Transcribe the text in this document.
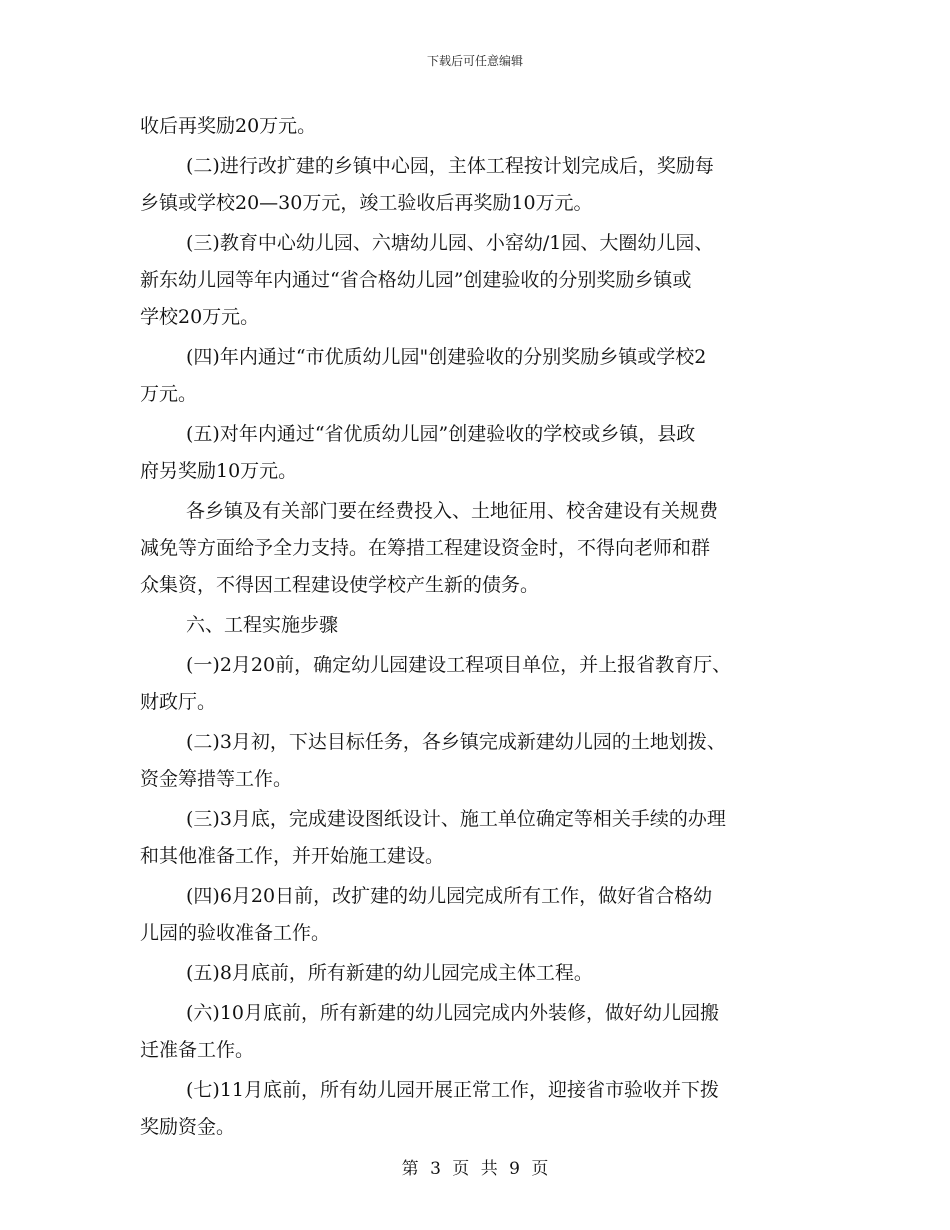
下载后可任意编辑
收后再奖励20万元。
(二)进行改扩建的乡镇中心园，主体工程按计划完成后，奖励每
乡镇或学校20—30万元，竣工验收后再奖励10万元。
(三)教育中心幼儿园、六塘幼儿园、小窑幼/1园、大圈幼儿园、
新东幼儿园等年内通过“省合格幼儿园”创建验收的分别奖励乡镇或
学校20万元。
(四)年内通过“市优质幼儿园"创建验收的分别奖励乡镇或学校2
万元。
(五)对年内通过“省优质幼儿园”创建验收的学校或乡镇，县政
府另奖励10万元。
各乡镇及有关部门要在经费投入、土地征用、校舍建设有关规费
减免等方面给予全力支持。在筹措工程建设资金时，不得向老师和群
众集资，不得因工程建设使学校产生新的债务。
六、工程实施步骤
(一)2月20前，确定幼儿园建设工程项目单位，并上报省教育厅、
财政厅。
(二)3月初，下达目标任务，各乡镇完成新建幼儿园的土地划拨、
资金筹措等工作。
(三)3月底，完成建设图纸设计、施工单位确定等相关手续的办理
和其他准备工作，并开始施工建设。
(四)6月20日前，改扩建的幼儿园完成所有工作，做好省合格幼
儿园的验收准备工作。
(五)8月底前，所有新建的幼儿园完成主体工程。
(六)10月底前，所有新建的幼儿园完成内外装修，做好幼儿园搬
迁准备工作。
(七)11月底前，所有幼儿园开展正常工作，迎接省市验收并下拨
奖励资金。
第 3 页 共 9 页
